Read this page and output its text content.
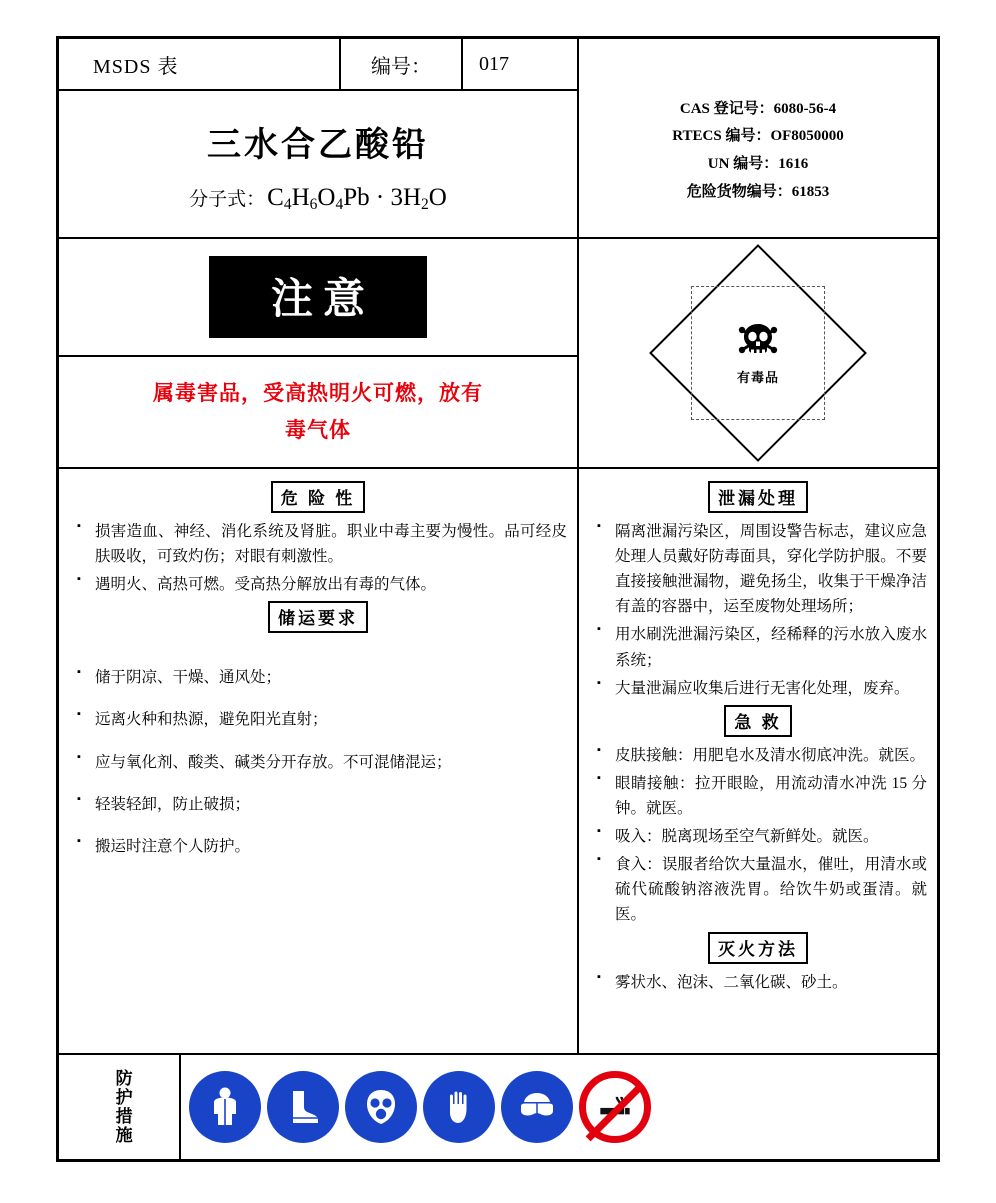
MSDS 表	编号：	017
三水合乙酸铅
分子式： $C_4H_6O_4Pb \cdot 3H_2O$
CAS 登记号：6080-56-4
RTECS 编号：OF8050000
UN 编号：1616
危险货物编号：61853
注意
属毒害品，受高热明火可燃，放有
毒气体
有毒品
危 险 性
▪ 损害造血、神经、消化系统及肾脏。职业中毒主要为慢性。品可经皮肤吸收，可致灼伤；对眼有刺激性。
▪ 遇明火、高热可燃。受高热分解放出有毒的气体。
储运要求
▪ 储于阴凉、干燥、通风处；
▪ 远离火种和热源，避免阳光直射；
▪ 应与氧化剂、酸类、碱类分开存放。不可混储混运；
▪ 轻装轻卸，防止破损；
▪ 搬运时注意个人防护。
泄漏处理
▪ 隔离泄漏污染区，周围设警告标志，建议应急处理人员戴好防毒面具，穿化学防护服。不要直接接触泄漏物，避免扬尘，收集于干燥净洁有盖的容器中，运至废物处理场所；
▪ 用水刷洗泄漏污染区，经稀释的污水放入废水系统；
▪ 大量泄漏应收集后进行无害化处理，废弃。
急 救
▪ 皮肤接触：用肥皂水及清水彻底冲洗。就医。
▪ 眼睛接触：拉开眼睑，用流动清水冲洗 15 分钟。就医。
▪ 吸入：脱离现场至空气新鲜处。就医。
▪ 食入：误服者给饮大量温水，催吐，用清水或硫代硫酸钠溶液洗胃。给饮牛奶或蛋清。就医。
灭火方法
▪ 雾状水、泡沫、二氧化碳、砂土。
防护措施
